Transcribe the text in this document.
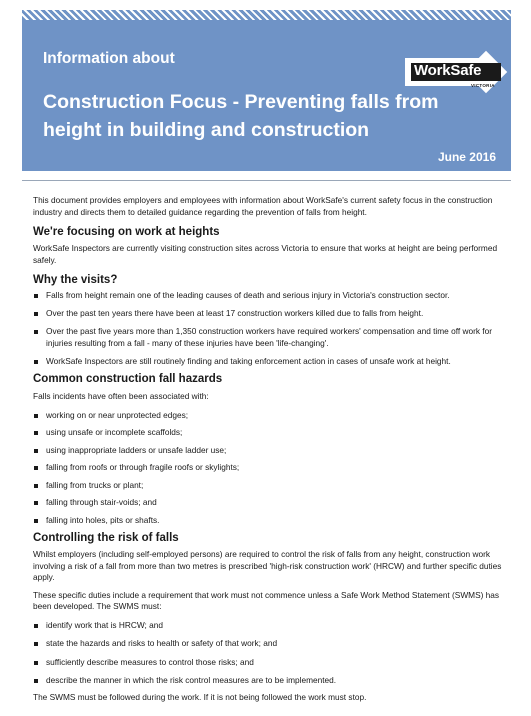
Information about
WorkSafe
VICTORIA
Construction Focus - Preventing falls from height in building and construction
June 2016

This document provides employers and employees with information about WorkSafe's current safety focus in the construction industry and directs them to detailed guidance regarding the prevention of falls from height.

We're focusing on work at heights

WorkSafe Inspectors are currently visiting construction sites across Victoria to ensure that works at height are being performed safely.

Why the visits?
Falls from height remain one of the leading causes of death and serious injury in Victoria's construction sector.
Over the past ten years there have been at least 17 construction workers killed due to falls from height.
Over the past five years more than 1,350 construction workers have required workers' compensation and time off work for injuries resulting from a fall - many of these injuries have been 'life-changing'.
WorkSafe Inspectors are still routinely finding and taking enforcement action in cases of unsafe work at height.
Common construction fall hazards

Falls incidents have often been associated with:

working on or near unprotected edges;
using unsafe or incomplete scaffolds;
using inappropriate ladders or unsafe ladder use;
falling from roofs or through fragile roofs or skylights;
falling from trucks or plant;
falling through stair-voids; and
falling into holes, pits or shafts.
Controlling the risk of falls

Whilst employers (including self-employed persons) are required to control the risk of falls from any height, construction work involving a risk of a fall from more than two metres is prescribed 'high-risk construction work' (HRCW) and further specific duties apply.

These specific duties include a requirement that work must not commence unless a Safe Work Method Statement (SWMS) has been developed. The SWMS must:

identify work that is HRCW; and
state the hazards and risks to health or safety of that work; and
sufficiently describe measures to control those risks; and
describe the manner in which the risk control measures are to be implemented.

The SWMS must be followed during the work. If it is not being followed the work must stop.
